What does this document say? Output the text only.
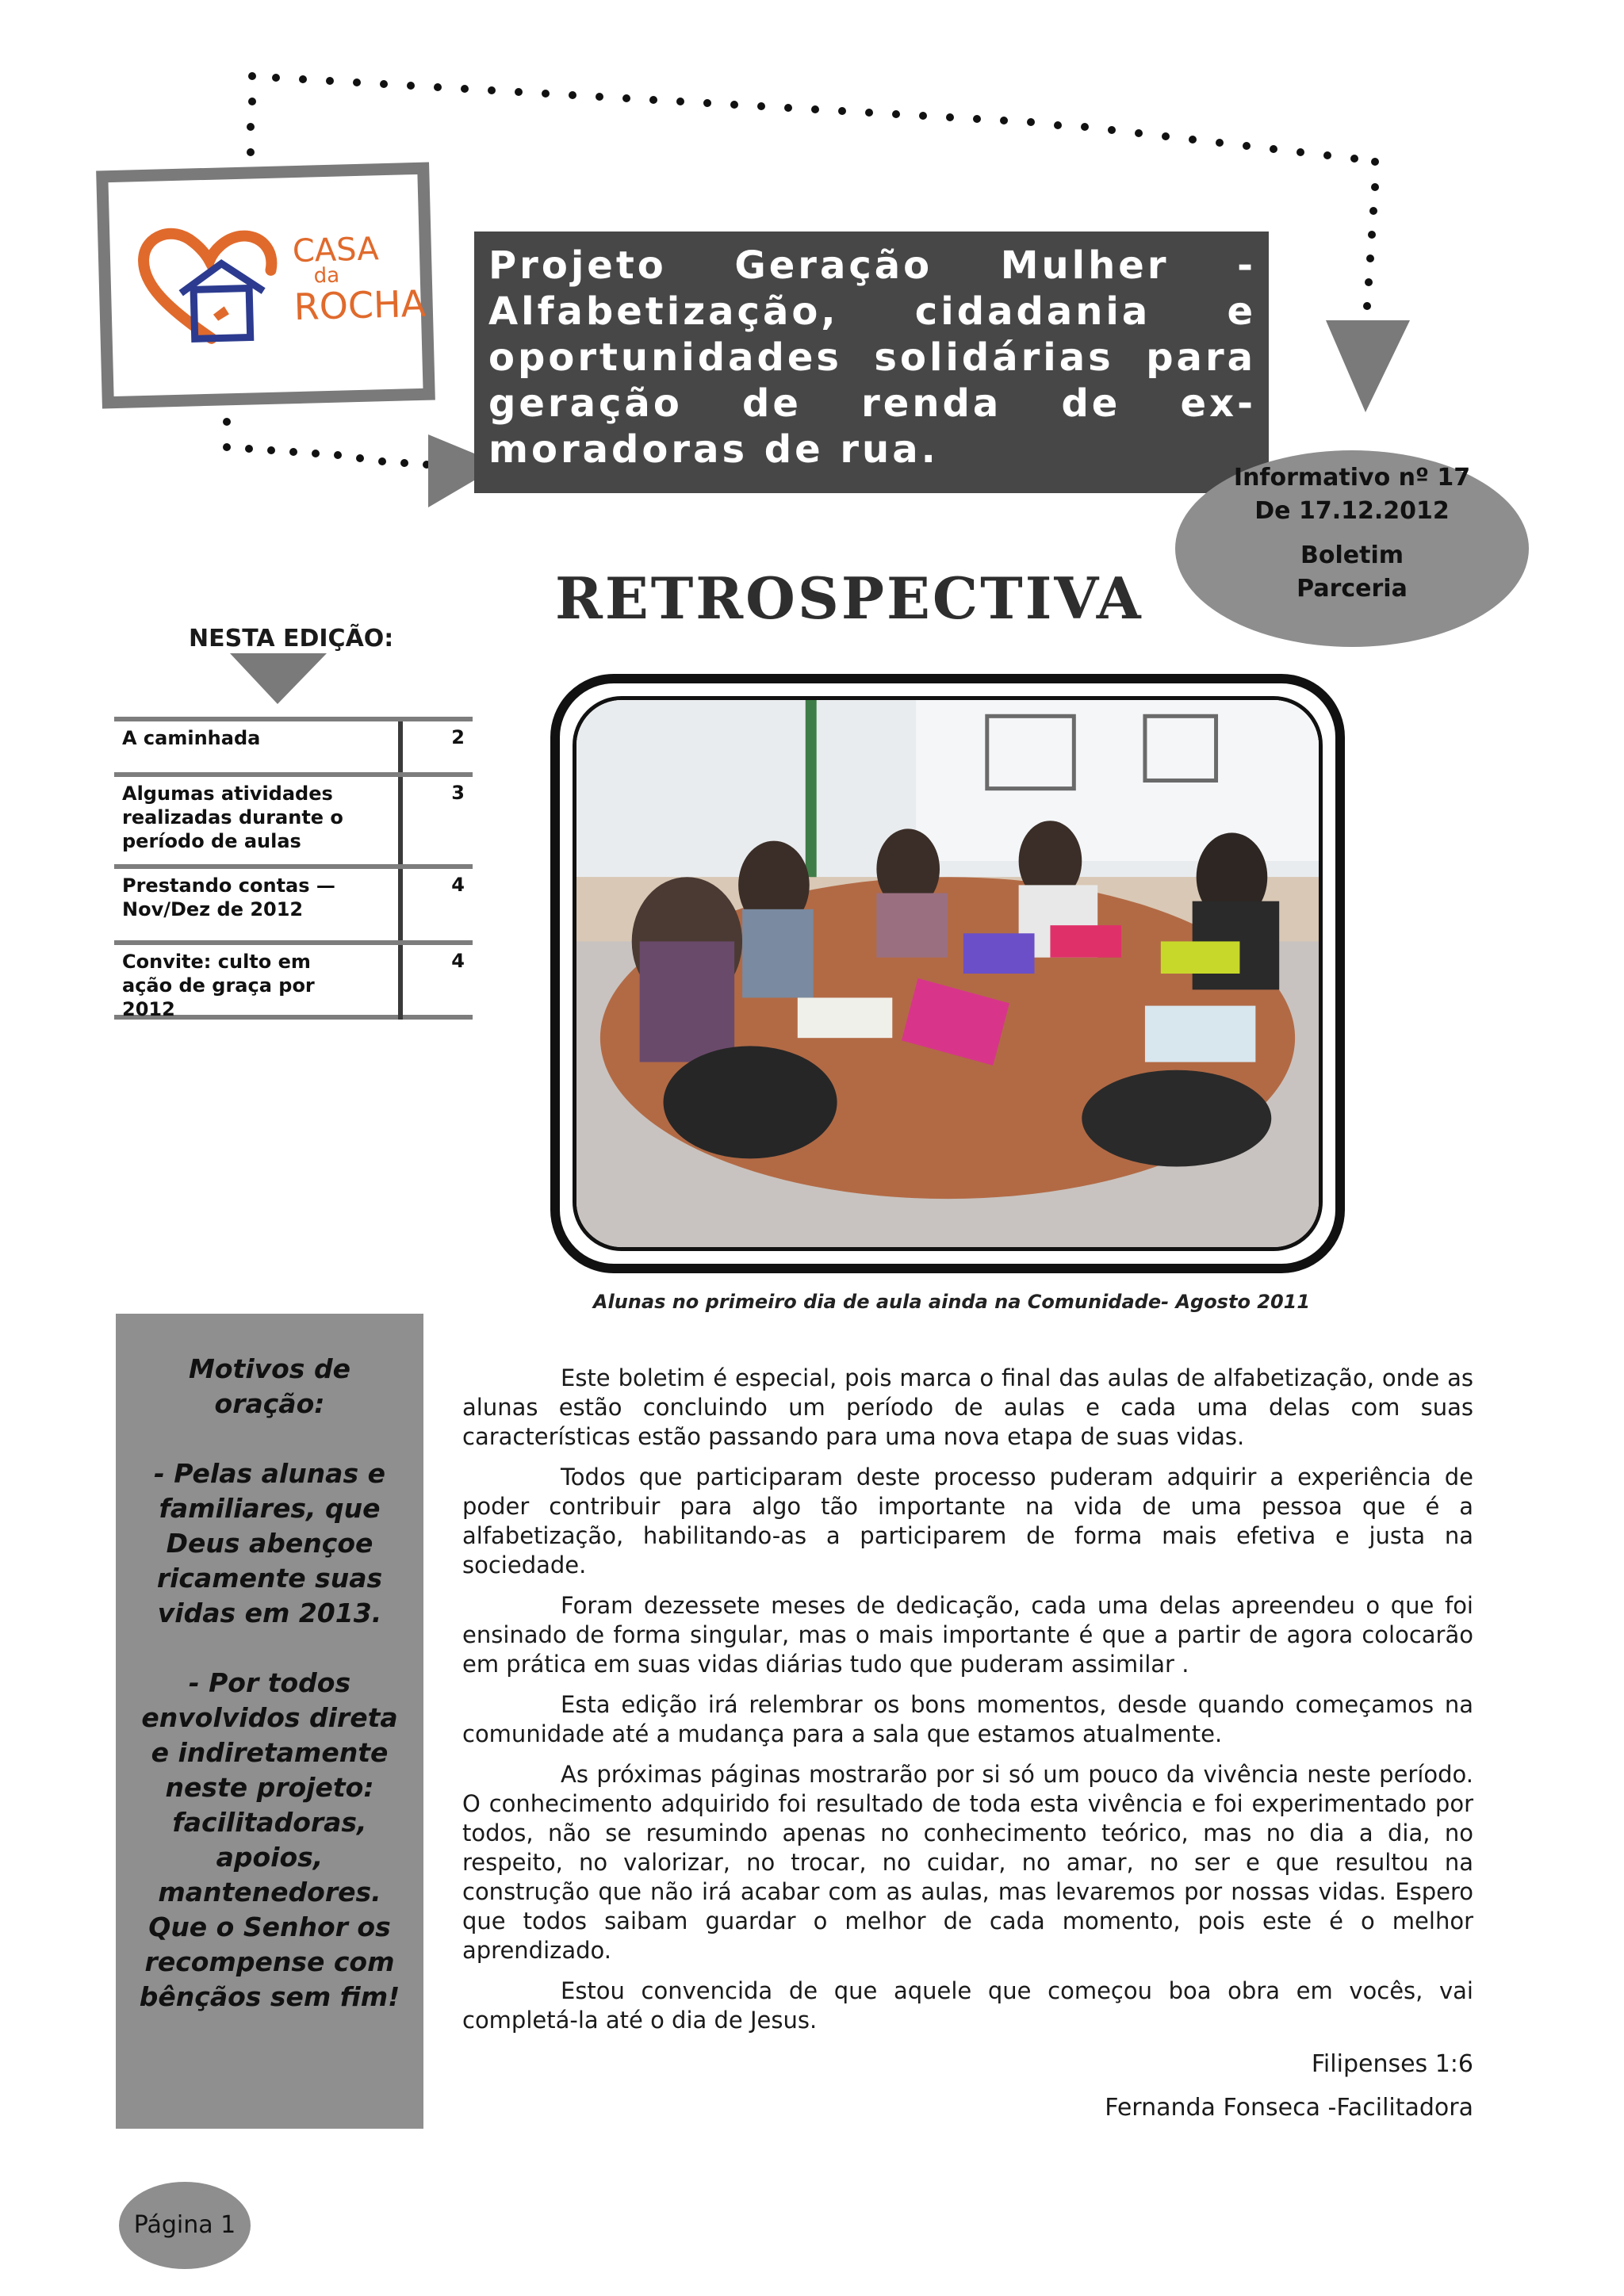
CASA
da
ROCHA
Projeto Geração Mulher - Alfabetização, cidadania e oportunidades solidárias para geração de renda de ex-moradoras de rua.
Informativo nº 17
De 17.12.2012
Boletim
Parceria
RETROSPECTIVA
NESTA EDIÇÃO:
A caminhada	2
Algumas atividades realizadas durante o período de aulas
3
Prestando contas — Nov/Dez de 2012
4
Convite: culto em ação de graça por 2012
4
Alunas no primeiro dia de aula ainda na Comunidade- Agosto 2011

Motivos de oração:

- Pelas alunas e familiares, que Deus abençoe ricamente suas vidas em 2013.

- Por todos envolvidos direta e indiretamente neste projeto: facilitadoras, apoios, mantenedores. Que o Senhor os recompense com bênçãos sem fim!

Este boletim é especial, pois marca o final das aulas de alfabetização, onde as alunas estão concluindo um período de aulas e cada uma delas com suas características estão passando para uma nova etapa de suas vidas.

Todos que participaram deste processo puderam adquirir a experiência de poder contribuir para algo tão importante na vida de uma pessoa que é a alfabetização, habilitando-as a participarem de forma mais efetiva e justa na sociedade.

Foram dezessete meses de dedicação, cada uma delas apreendeu o que foi ensinado de forma singular, mas o mais importante é que a partir de agora colocarão em prática em suas vidas diárias tudo que puderam assimilar .

Esta edição irá relembrar os bons momentos, desde quando começamos na comunidade até a mudança para a sala que estamos atualmente.

As próximas páginas mostrarão por si só um pouco da vivência neste período. O conhecimento adquirido foi resultado de toda esta vivência e foi experimentado por todos, não se resumindo apenas no conhecimento teórico, mas no dia a dia, no respeito, no valorizar, no trocar, no cuidar, no amar, no ser e que resultou na construção que não irá acabar com as aulas, mas levaremos por nossas vidas. Espero que todos saibam guardar o melhor de cada momento, pois este é o melhor aprendizado.

Estou convencida de que aquele que começou boa obra em vocês, vai completá-la até o dia de Jesus.

Filipenses 1:6
Fernanda Fonseca -Facilitadora
Página 1
